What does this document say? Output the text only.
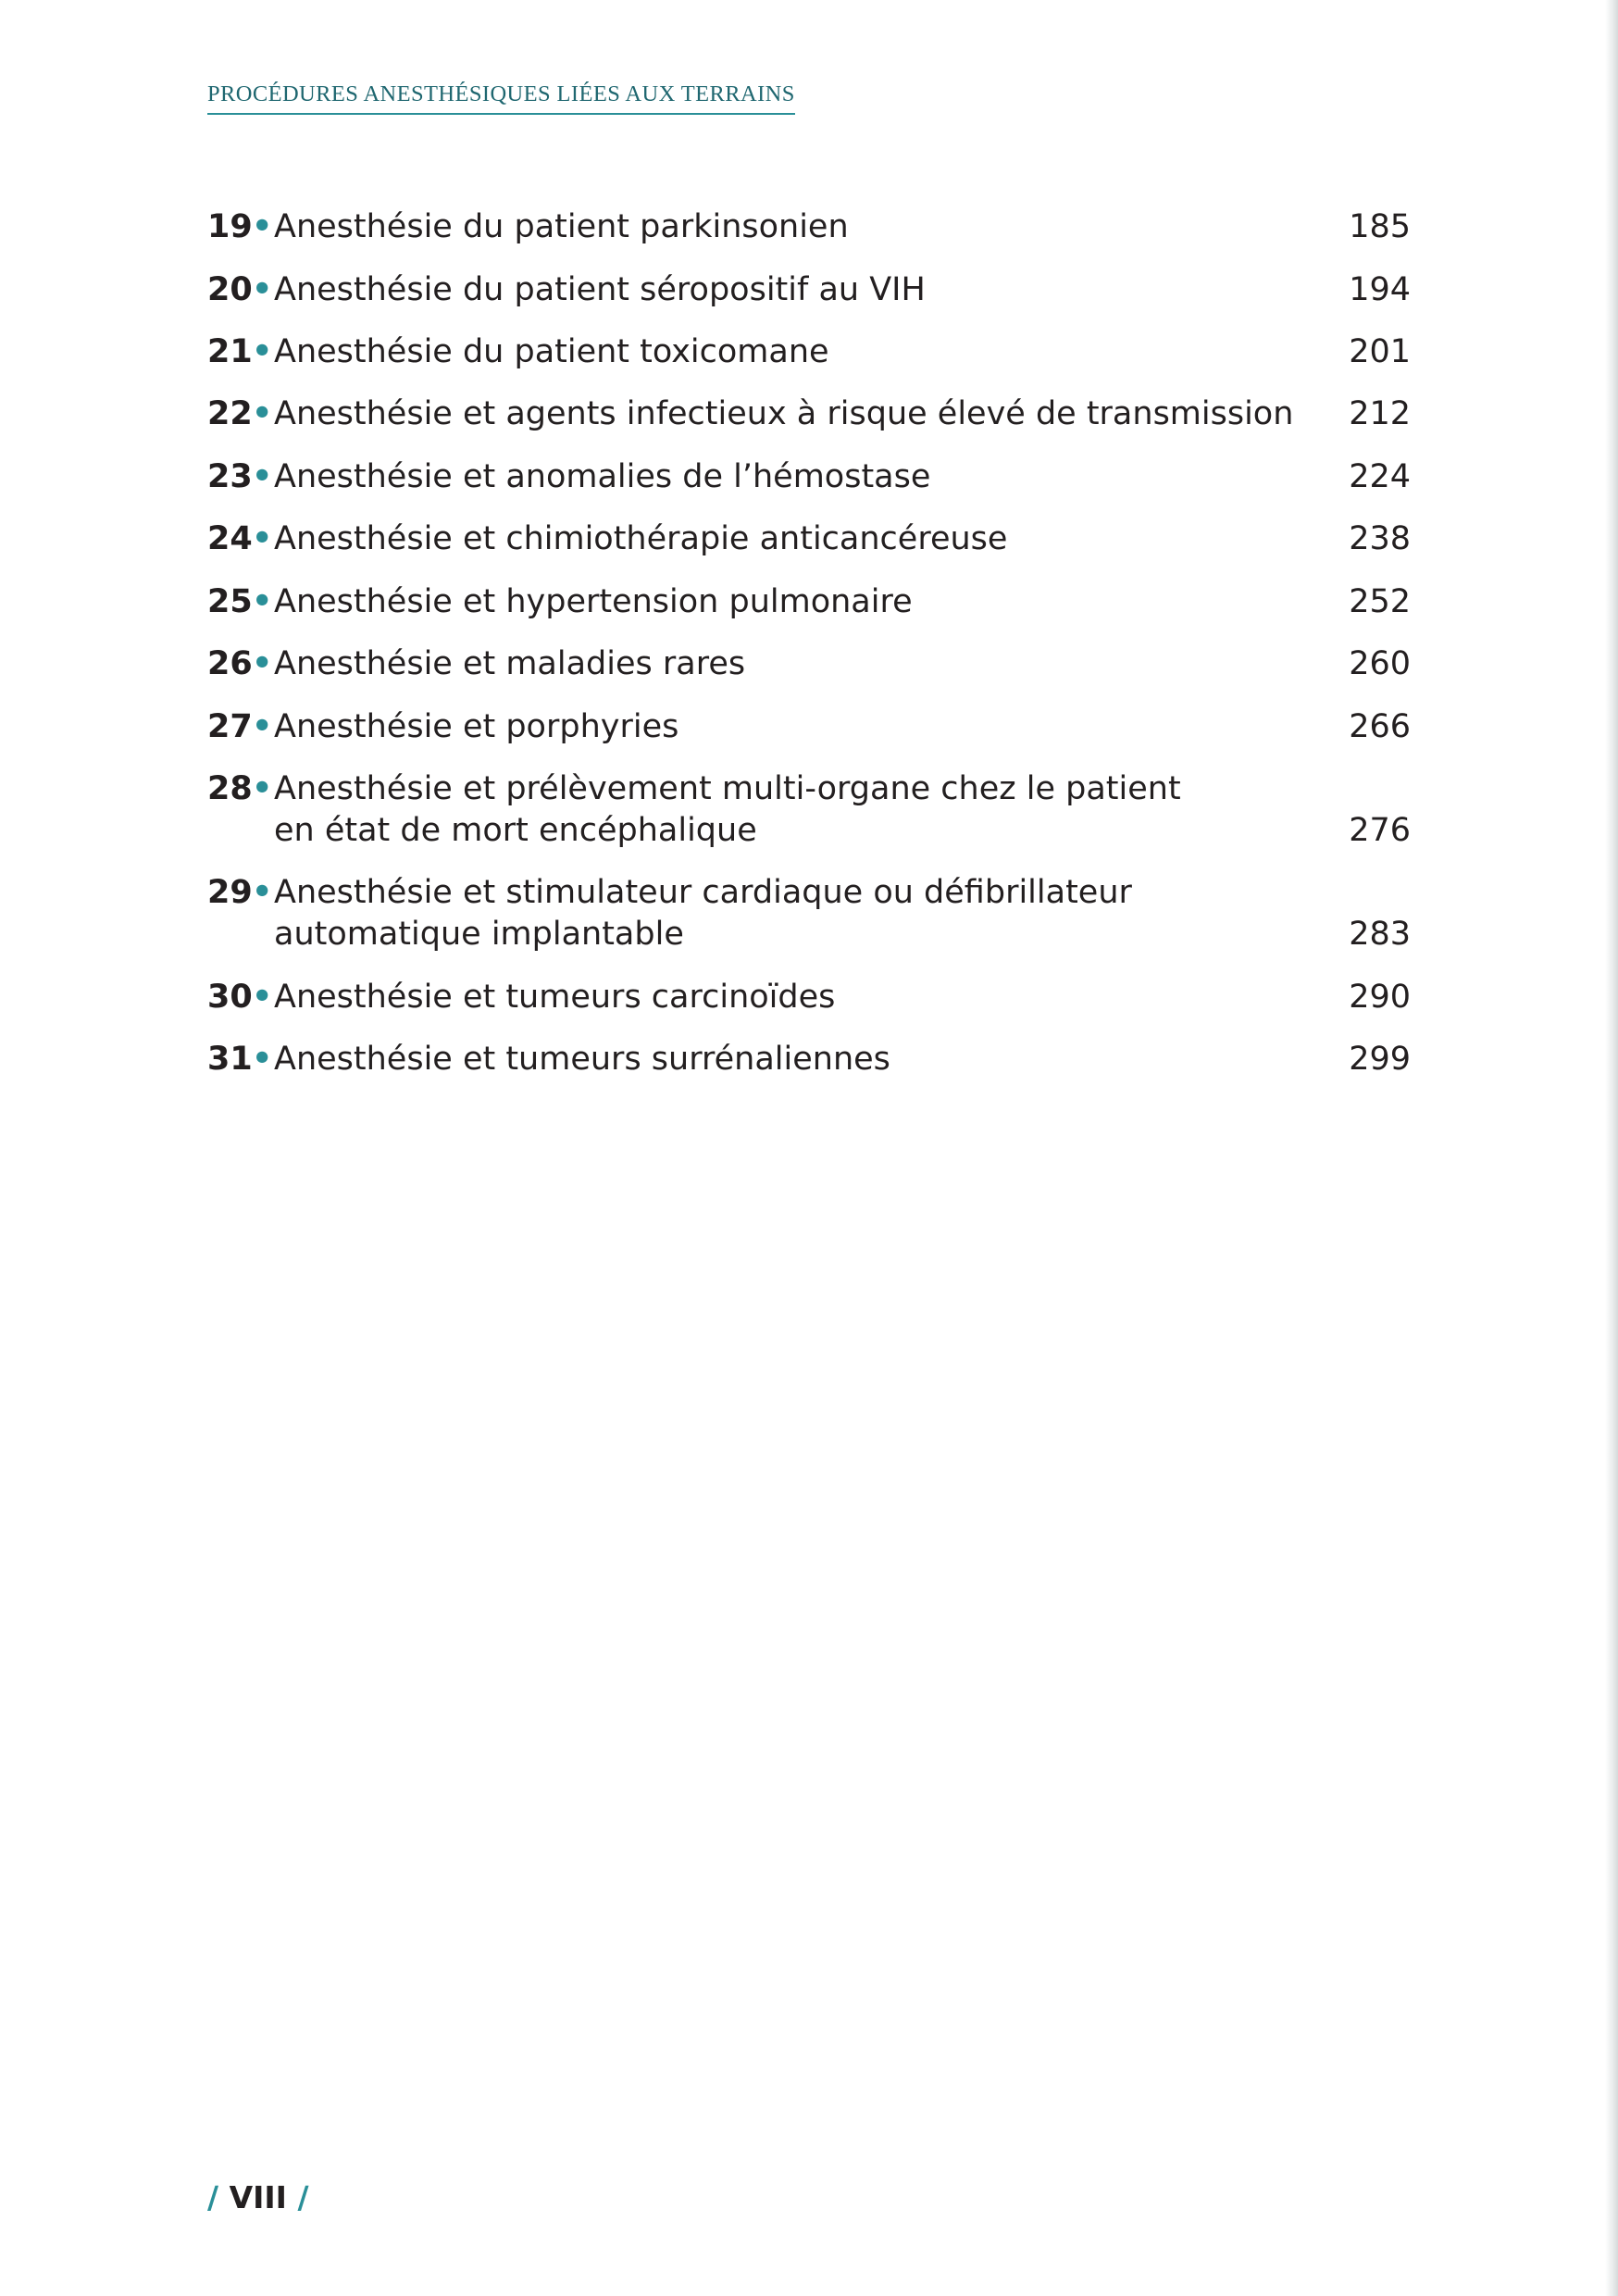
PROCÉDURES ANESTHÉSIQUES LIÉES AUX TERRAINS
19 • Anesthésie du patient parkinsonien	185
20 • Anesthésie du patient séropositif au VIH	194
21 • Anesthésie du patient toxicomane	201
22 • Anesthésie et agents infectieux à risque élevé de transmission 212
23 • Anesthésie et anomalies de l’hémostase	224
24 • Anesthésie et chimiothérapie anticancéreuse	238
25 • Anesthésie et hypertension pulmonaire	252
26 • Anesthésie et maladies rares	260
27 • Anesthésie et porphyries	266
28 • Anesthésie et prélèvement multi-organe chez le patient
en état de mort encéphalique	276
29 • Anesthésie et stimulateur cardiaque ou défibrillateur
automatique implantable	283
30 • Anesthésie et tumeurs carcinoïdes	290
31 • Anesthésie et tumeurs surrénaliennes	299
/ VIII /
